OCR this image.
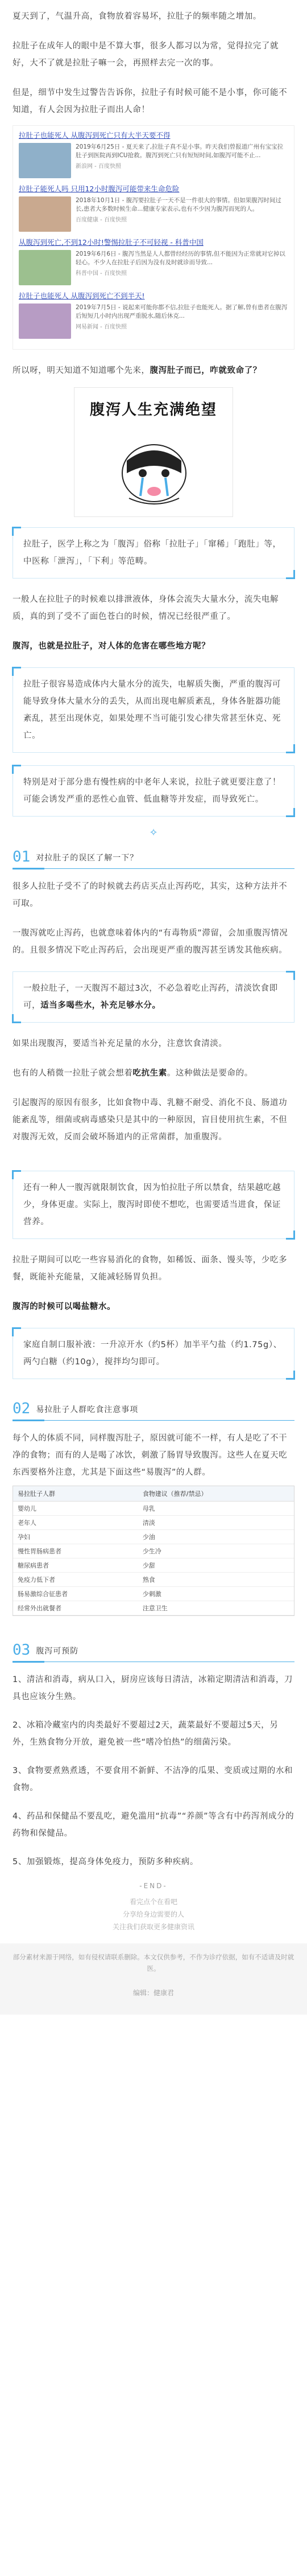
夏天到了，气温升高，食物放着容易坏，拉肚子的频率随之增加。

拉肚子在成年人的眼中是不算大事，很多人都习以为常，觉得拉完了就好，大不了就是拉肚子嘛一会，再照样去完一次的事。

但是，细节中发生过警告告诉你，拉肚子有时候可能不是小事，你可能不知道，有人会因为拉肚子而出人命！

拉肚子也能死人 从腹泻到死亡只有大半天要不得
2019年6月25日 - 夏天来了,拉肚子真不是小事。昨天我们曾报道广州有宝宝拉肚子到医院再到ICU抢救。腹泻到死亡只有短短时间,如腹泻可能不止...
新浪网 - 百度快照
拉肚子能死人吗 只用12小时腹泻可能带来生命危险
2018年10月1日 - 腹泻要拉肚子一天不是一件很大的事情。但如果腹泻时间过长,患者大多数时候生命...健康专家表示,也有不少因为腹泻而死的人。
百度健康 - 百度快照
从腹泻到死亡,不到12小时!警惕拉肚子不可轻视 - 科普中国
2019年6月6日 - 腹泻当然是人人都曾经经历的事情,但不能因为正常就对它掉以轻心。不少人在拉肚子后因为没有及时就诊而导致...
科普中国 - 百度快照
拉肚子也能死人 从腹泻到死亡不到半天!
2019年7月5日 - 说起来可能你都不信,拉肚子也能死人。据了解,曾有患者在腹泻后短短几小时内出现严重脱水,随后休克...
网易新闻 - 百度快照

所以呀，明天知道不知道哪个先来，腹泻肚子而已，咋就致命了？

腹泻人生充满绝望

拉肚子，医学上称之为「腹泻」俗称「拉肚子」「窜稀」「跑肚」等，中医称「泄泻」，「下利」等范畴。

一般人在拉肚子的时候难以排泄液体，身体会流失大量水分，流失电解质，真的到了受不了面色苍白的时候，情况已经很严重了。

腹泻，也就是拉肚子，对人体的危害在哪些地方呢？

拉肚子很容易造成体内大量水分的流失，电解质失衡，严重的腹泻可能导致身体大量水分的丢失，从而出现电解质紊乱，身体各脏器功能紊乱，甚至出现休克，如果处理不当可能引发心律失常甚至休克、死亡。

特别是对于部分患有慢性病的中老年人来说，拉肚子就更要注意了！可能会诱发严重的恶性心血管、低血糖等并发症，而导致死亡。

✧
01 对拉肚子的误区了解一下？

很多人拉肚子受不了的时候就去药店买点止泻药吃，其实，这种方法并不可取。

一腹泻就吃止泻药，也就意味着体内的“有毒物质”滞留，会加重腹泻情况的。且很多情况下吃止泻药后，会出现更严重的腹泻甚至诱发其他疾病。

一般拉肚子，一天腹泻不超过3次，不必急着吃止泻药，清淡饮食即可，适当多喝些水，补充足够水分。

如果出现腹泻，要适当补充足量的水分，注意饮食清淡。

也有的人稍微一拉肚子就会想着吃抗生素。这种做法是要命的。

引起腹泻的原因有很多，比如食物中毒、乳糖不耐受、消化不良、肠道功能紊乱等，细菌或病毒感染只是其中的一种原因，盲目使用抗生素，不但对腹泻无效，反而会破坏肠道内的正常菌群，加重腹泻。

还有一种人一腹泻就限制饮食，因为怕拉肚子所以禁食，结果越吃越少，身体更虚。实际上，腹泻时即使不想吃，也需要适当进食，保证营养。

拉肚子期间可以吃一些容易消化的食物，如稀饭、面条、馒头等，少吃多餐，既能补充能量，又能减轻肠胃负担。

腹泻的时候可以喝盐糖水。

家庭自制口服补液：一升凉开水（约5杯）加半平勺盐（约1.75g）、两勺白糖（约10g），搅拌均匀即可。

02 易拉肚子人群吃食注意事项

每个人的体质不同，同样腹泻肚子，原因就可能不一样，有人是吃了不干净的食物；而有的人是喝了冰饮，刺激了肠胃导致腹泻。这些人在夏天吃东西要格外注意，尤其是下面这些“易腹泻”的人群。

易拉肚子人群	食物建议（推荐/禁忌）
婴幼儿	母乳
老年人	清淡
孕妇	少油
慢性胃肠病患者	少生冷
糖尿病患者	少甜
免疫力低下者	熟食
肠易激综合征患者	少刺激
经常外出就餐者	注意卫生
03 腹泻可预防

1、清洁和消毒，病从口入，厨房应该每日清洁，冰箱定期清洁和消毒，刀具也应该分生熟。

2、冰箱冷藏室内的肉类最好不要超过2天，蔬菜最好不要超过5天，另外，生熟食物分开放，避免被一些“嗜冷怕热”的细菌污染。

3、食物要煮熟煮透，不要食用不新鲜、不洁净的瓜果、变质或过期的水和食物。

4、药品和保健品不要乱吃，避免滥用“抗毒”“养颜”等含有中药泻剂成分的药物和保健品。

5、加强锻炼，提高身体免疫力，预防多种疾病。

-END-
看完点个在看吧
分享给身边需要的人
关注我们获取更多健康资讯
部分素材来源于网络，如有侵权请联系删除。本文仅供参考，不作为诊疗依据，如有不适请及时就医。
编辑：健康君
